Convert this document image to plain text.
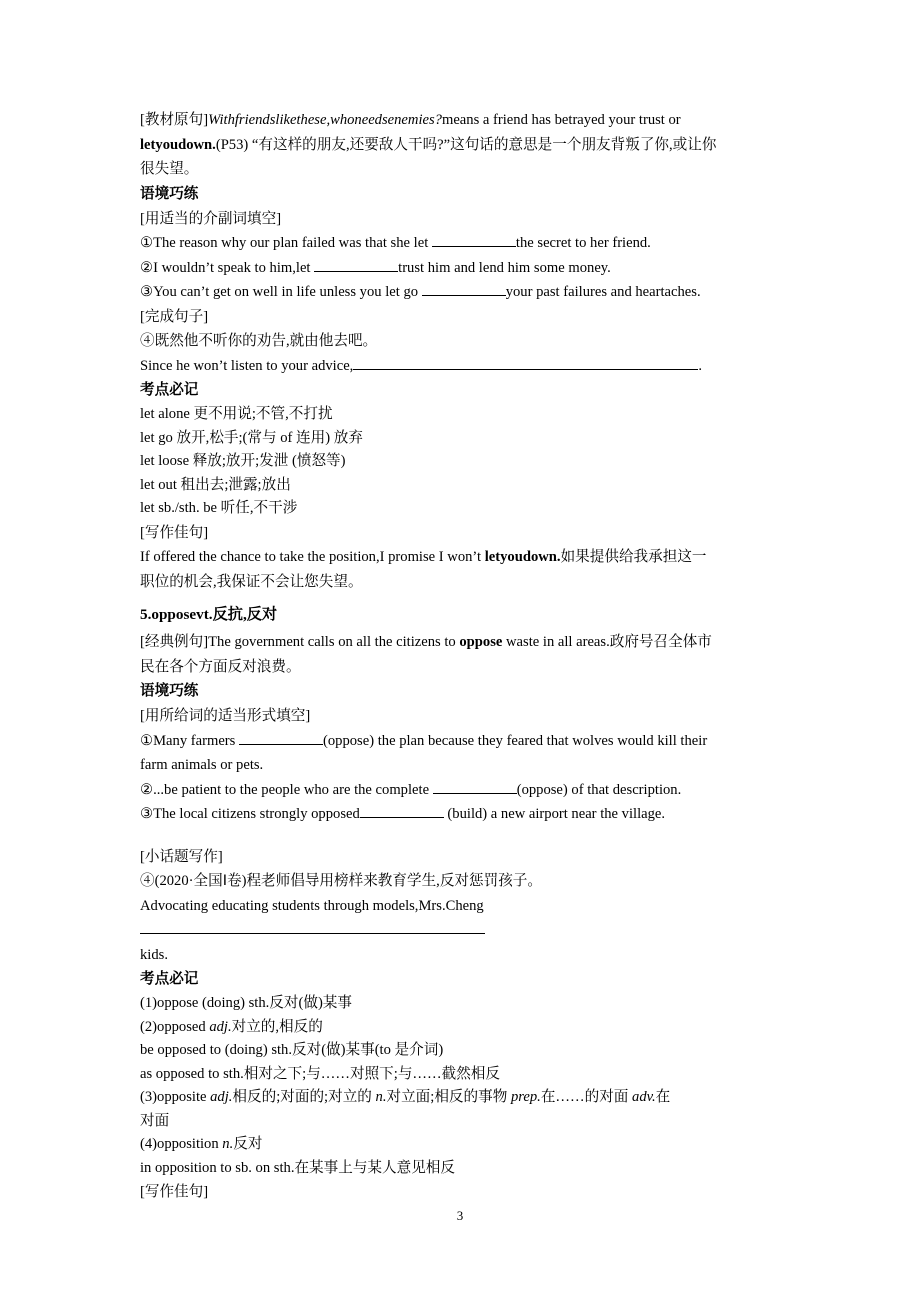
[教材原句]Withfriendslikethese,whoneedsenemies?means a friend has betrayed your trust or
letyoudown.(P53) “有这样的朋友,还要敌人干吗?”这句话的意思是一个朋友背叛了你,或让你
很失望。
语境巧练
[用适当的介副词填空]
①The reason why our plan failed was that she let	the secret to her friend.
②I wouldn’t speak to him,let	trust him and lend him some money.
③You can’t get on well in life unless you let go	your past failures and heartaches.
[完成句子]
④既然他不听你的劝告,就由他去吧。
Since he won’t listen to your advice,	.
考点必记
let alone 更不用说;不管,不打扰
let go 放开,松手;(常与 of 连用) 放弃
let loose 释放;放开;发泄 (愤怒等)
let out 租出去;泄露;放出
let sb./sth. be 听任,不干涉
[写作佳句]
If offered the chance to take the position,I promise I won’t letyoudown.如果提供给我承担这一
职位的机会,我保证不会让您失望。
5.opposevt.反抗,反对
[经典例句]The government calls on all the citizens to oppose waste in all areas.政府号召全体市
民在各个方面反对浪费。
语境巧练
[用所给词的适当形式填空]
①Many farmers	(oppose) the plan because they feared that wolves would kill their
farm animals or pets.
②...be patient to the people who are the complete	(oppose) of that description.
③The local citizens strongly opposed	(build) a new airport near the village.
[小话题写作]
④(2020·全国Ⅰ卷)程老师倡导用榜样来教育学生,反对惩罚孩子。
Advocating educating students through models,Mrs.Cheng
kids.
考点必记
(1)oppose (doing) sth.反对(做)某事
(2)opposed adj.对立的,相反的
be opposed to (doing) sth.反对(做)某事(to 是介词)
as opposed to sth.相对之下;与……对照下;与……截然相反
(3)opposite adj.相反的;对面的;对立的 n.对立面;相反的事物 prep.在……的对面 adv.在
对面
(4)opposition n.反对
in opposition to sb. on sth.在某事上与某人意见相反
[写作佳句]
3
